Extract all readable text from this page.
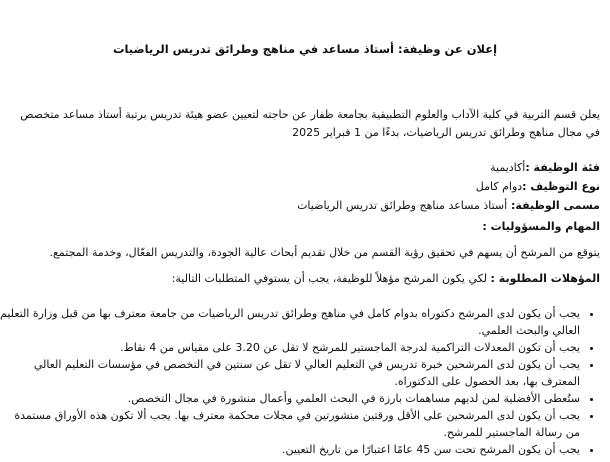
إعلان عن وظيفة: أستاذ مساعد في مناهج وطرائق تدريس الرياضيات
يعلن قسم التربية في كلية الآداب والعلوم التطبيقية بجامعة ظفار عن حاجته لتعيين عضو هيئة تدريس برتبة أستاذ مساعد متخصص في مجال مناهج وطرائق تدريس الرياضيات، بدءًا من 1 فبراير 2025
فئة الوظيفة :أكاديمية
نوع التوظيف :دوام كامل
مسمى الوظيفة: أستاذ مساعد مناهج وطرائق تدريس الرياضيات
المهام والمسؤوليات :
يتوقع من المرشح أن يسهم في تحقيق رؤية القسم من خلال تقديم أبحاث عالية الجودة، والتدريس الفعّال، وخدمة المجتمع.
المؤهلات المطلوبة : لكي يكون المرشح مؤهلاً للوظيفة، يجب أن يستوفي المتطلبات التالية:
• يجب أن يكون لدى المرشح دكتوراه بدوام كامل في مناهج وطرائق تدريس الرياضيات من جامعة معترف بها من قبل وزارة التعليم العالي والبحث العلمي.
• يجب أن تكون المعدلات التراكمية لدرجة الماجستير للمرشح لا تقل عن 3.20 على مقياس من 4 نقاط.
• يجب أن يكون لدى المرشحين خبرة تدريس في التعليم العالي لا تقل عن سنتين في التخصص في مؤسسات التعليم العالي المعترف بها، بعد الحصول على الدكتوراه.
• ستُعطى الأفضلية لمن لديهم مساهمات بارزة في البحث العلمي وأعمال منشورة في مجال التخصص.
• يجب أن يكون لدى المرشحين على الأقل ورقتين منشورتين في مجلات محكمة معترف بها. يجب ألا تكون هذه الأوراق مستمدة من رسالة الماجستير للمرشح.
• يجب أن يكون المرشح تحت سن 45 عامًا اعتبارًا من تاريخ التعيين.
